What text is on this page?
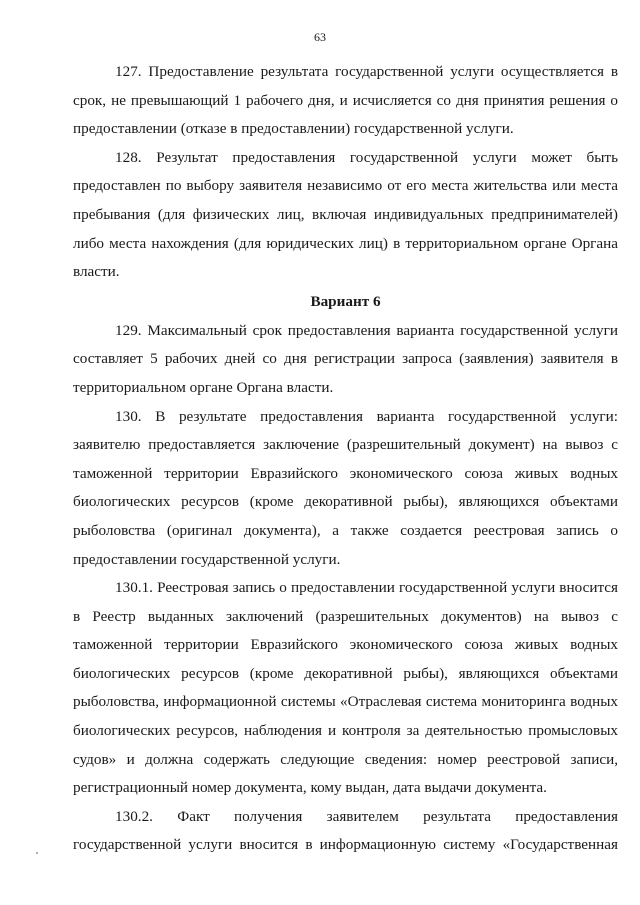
63

127. Предоставление результата государственной услуги осуществляется в срок, не превышающий 1 рабочего дня, и исчисляется со дня принятия решения о предоставлении (отказе в предоставлении) государственной услуги.

128. Результат предоставления государственной услуги может быть предоставлен по выбору заявителя независимо от его места жительства или места пребывания (для физических лиц, включая индивидуальных предпринимателей) либо места нахождения (для юридических лиц) в территориальном органе Органа власти.

Вариант 6

129. Максимальный срок предоставления варианта государственной услуги составляет 5 рабочих дней со дня регистрации запроса (заявления) заявителя в территориальном органе Органа власти.

130. В результате предоставления варианта государственной услуги: заявителю предоставляется заключение (разрешительный документ) на вывоз с таможенной территории Евразийского экономического союза живых водных биологических ресурсов (кроме декоративной рыбы), являющихся объектами рыболовства (оригинал документа), а также создается реестровая запись о предоставлении государственной услуги.

130.1. Реестровая запись о предоставлении государственной услуги вносится в Реестр выданных заключений (разрешительных документов) на вывоз с таможенной территории Евразийского экономического союза живых водных биологических ресурсов (кроме декоративной рыбы), являющихся объектами рыболовства, информационной системы «Отраслевая система мониторинга водных биологических ресурсов, наблюдения и контроля за деятельностью промысловых судов» и должна содержать следующие сведения: номер реестровой записи, регистрационный номер документа, кому выдан, дата выдачи документа.

130.2. Факт получения заявителем результата предоставления государственной услуги вносится в информационную систему «Государственная
